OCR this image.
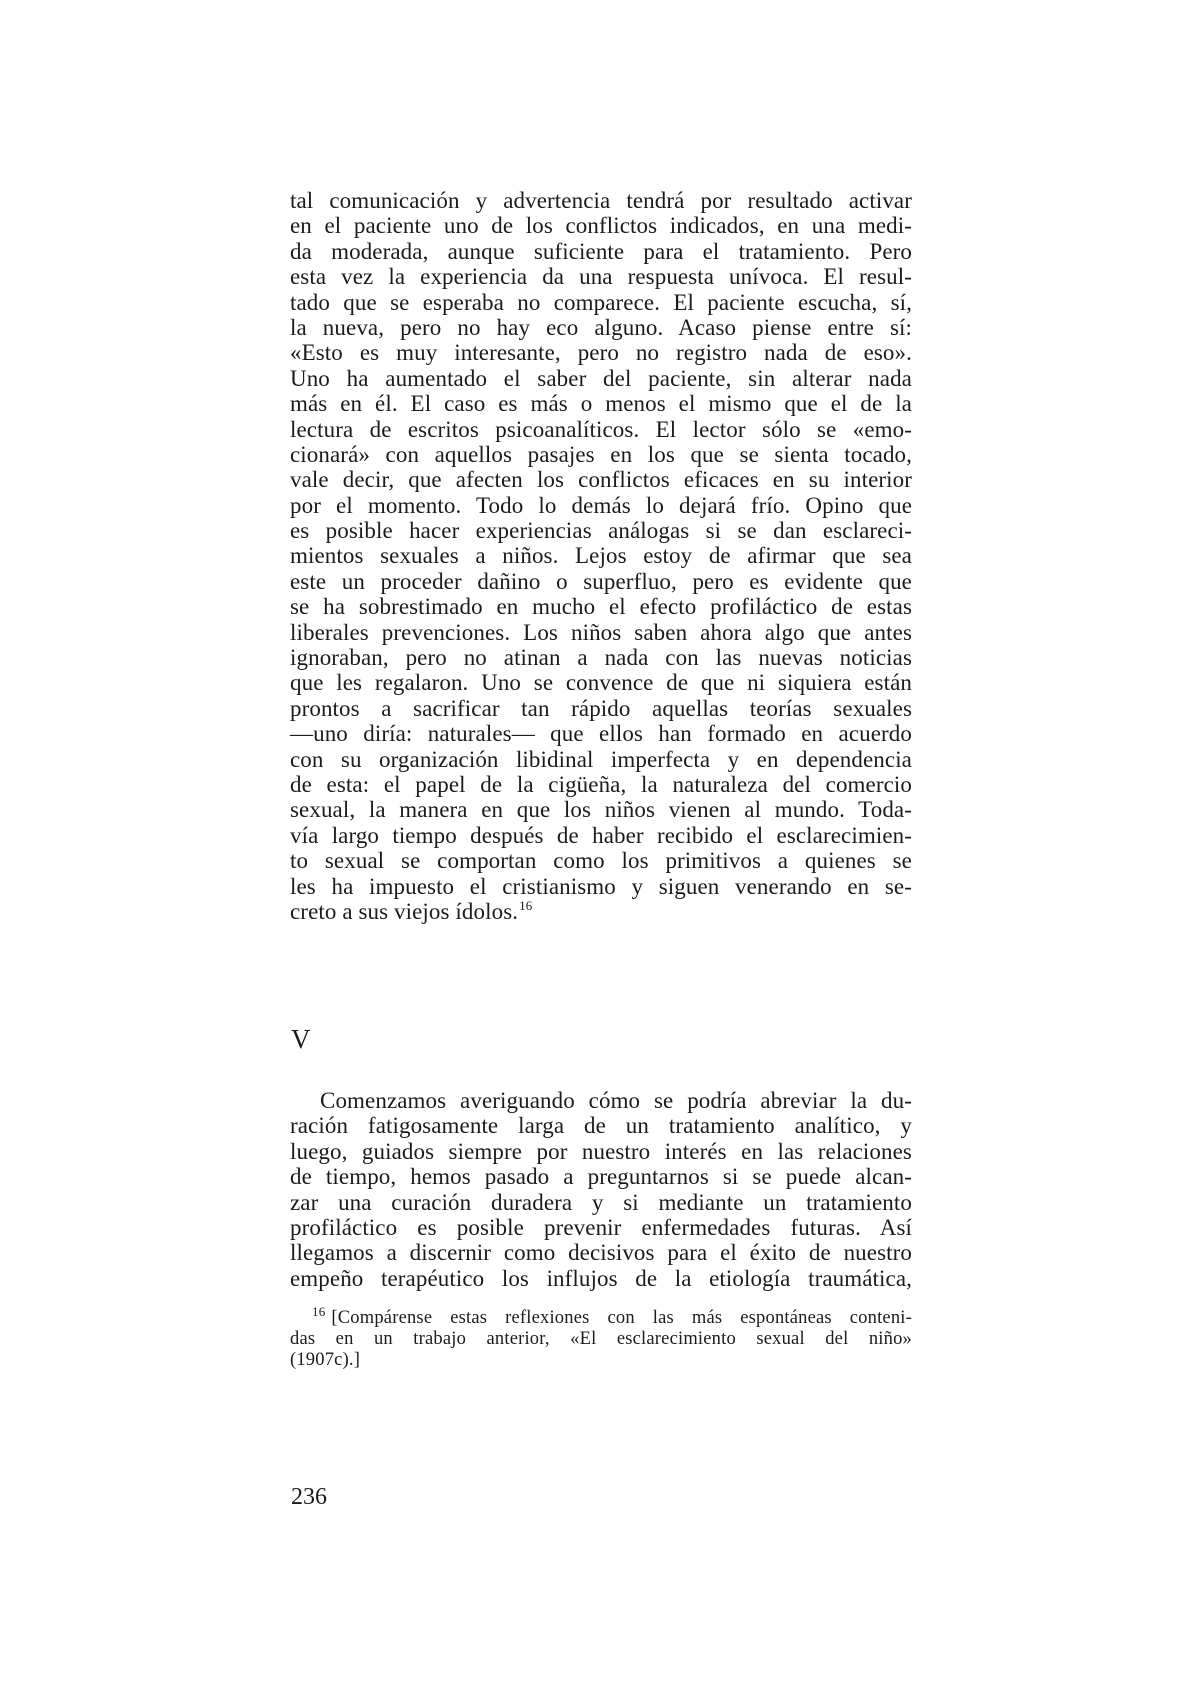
tal comunicación y advertencia tendrá por resultado activar
en el paciente uno de los conflictos indicados, en una medi-
da moderada, aunque suficiente para el tratamiento. Pero
esta vez la experiencia da una respuesta unívoca. El resul-
tado que se esperaba no comparece. El paciente escucha, sí,
la nueva, pero no hay eco alguno. Acaso piense entre sí:
«Esto es muy interesante, pero no registro nada de eso».
Uno ha aumentado el saber del paciente, sin alterar nada
más en él. El caso es más o menos el mismo que el de la
lectura de escritos psicoanalíticos. El lector sólo se «emo-
cionará» con aquellos pasajes en los que se sienta tocado,
vale decir, que afecten los conflictos eficaces en su interior
por el momento. Todo lo demás lo dejará frío. Opino que
es posible hacer experiencias análogas si se dan esclareci-
mientos sexuales a niños. Lejos estoy de afirmar que sea
este un proceder dañino o superfluo, pero es evidente que
se ha sobrestimado en mucho el efecto profiláctico de estas
liberales prevenciones. Los niños saben ahora algo que antes
ignoraban, pero no atinan a nada con las nuevas noticias
que les regalaron. Uno se convence de que ni siquiera están
prontos a sacrificar tan rápido aquellas teorías sexuales
—uno diría: naturales— que ellos han formado en acuerdo
con su organización libidinal imperfecta y en dependencia
de esta: el papel de la cigüeña, la naturaleza del comercio
sexual, la manera en que los niños vienen al mundo. Toda-
vía largo tiempo después de haber recibido el esclarecimien-
to sexual se comportan como los primitivos a quienes se
les ha impuesto el cristianismo y siguen venerando en se-
creto a sus viejos ídolos.$^{16}$
V
Comenzamos averiguando cómo se podría abreviar la du-
ración fatigosamente larga de un tratamiento analítico, y
luego, guiados siempre por nuestro interés en las relaciones
de tiempo, hemos pasado a preguntarnos si se puede alcan-
zar una curación duradera y si mediante un tratamiento
profiláctico es posible prevenir enfermedades futuras. Así
llegamos a discernir como decisivos para el éxito de nuestro
empeño terapéutico los influjos de la etiología traumática,
$^{16}$ [Compárense estas reflexiones con las más espontáneas conteni-
das en un trabajo anterior, «El esclarecimiento sexual del niño»
(1907c).]
236
